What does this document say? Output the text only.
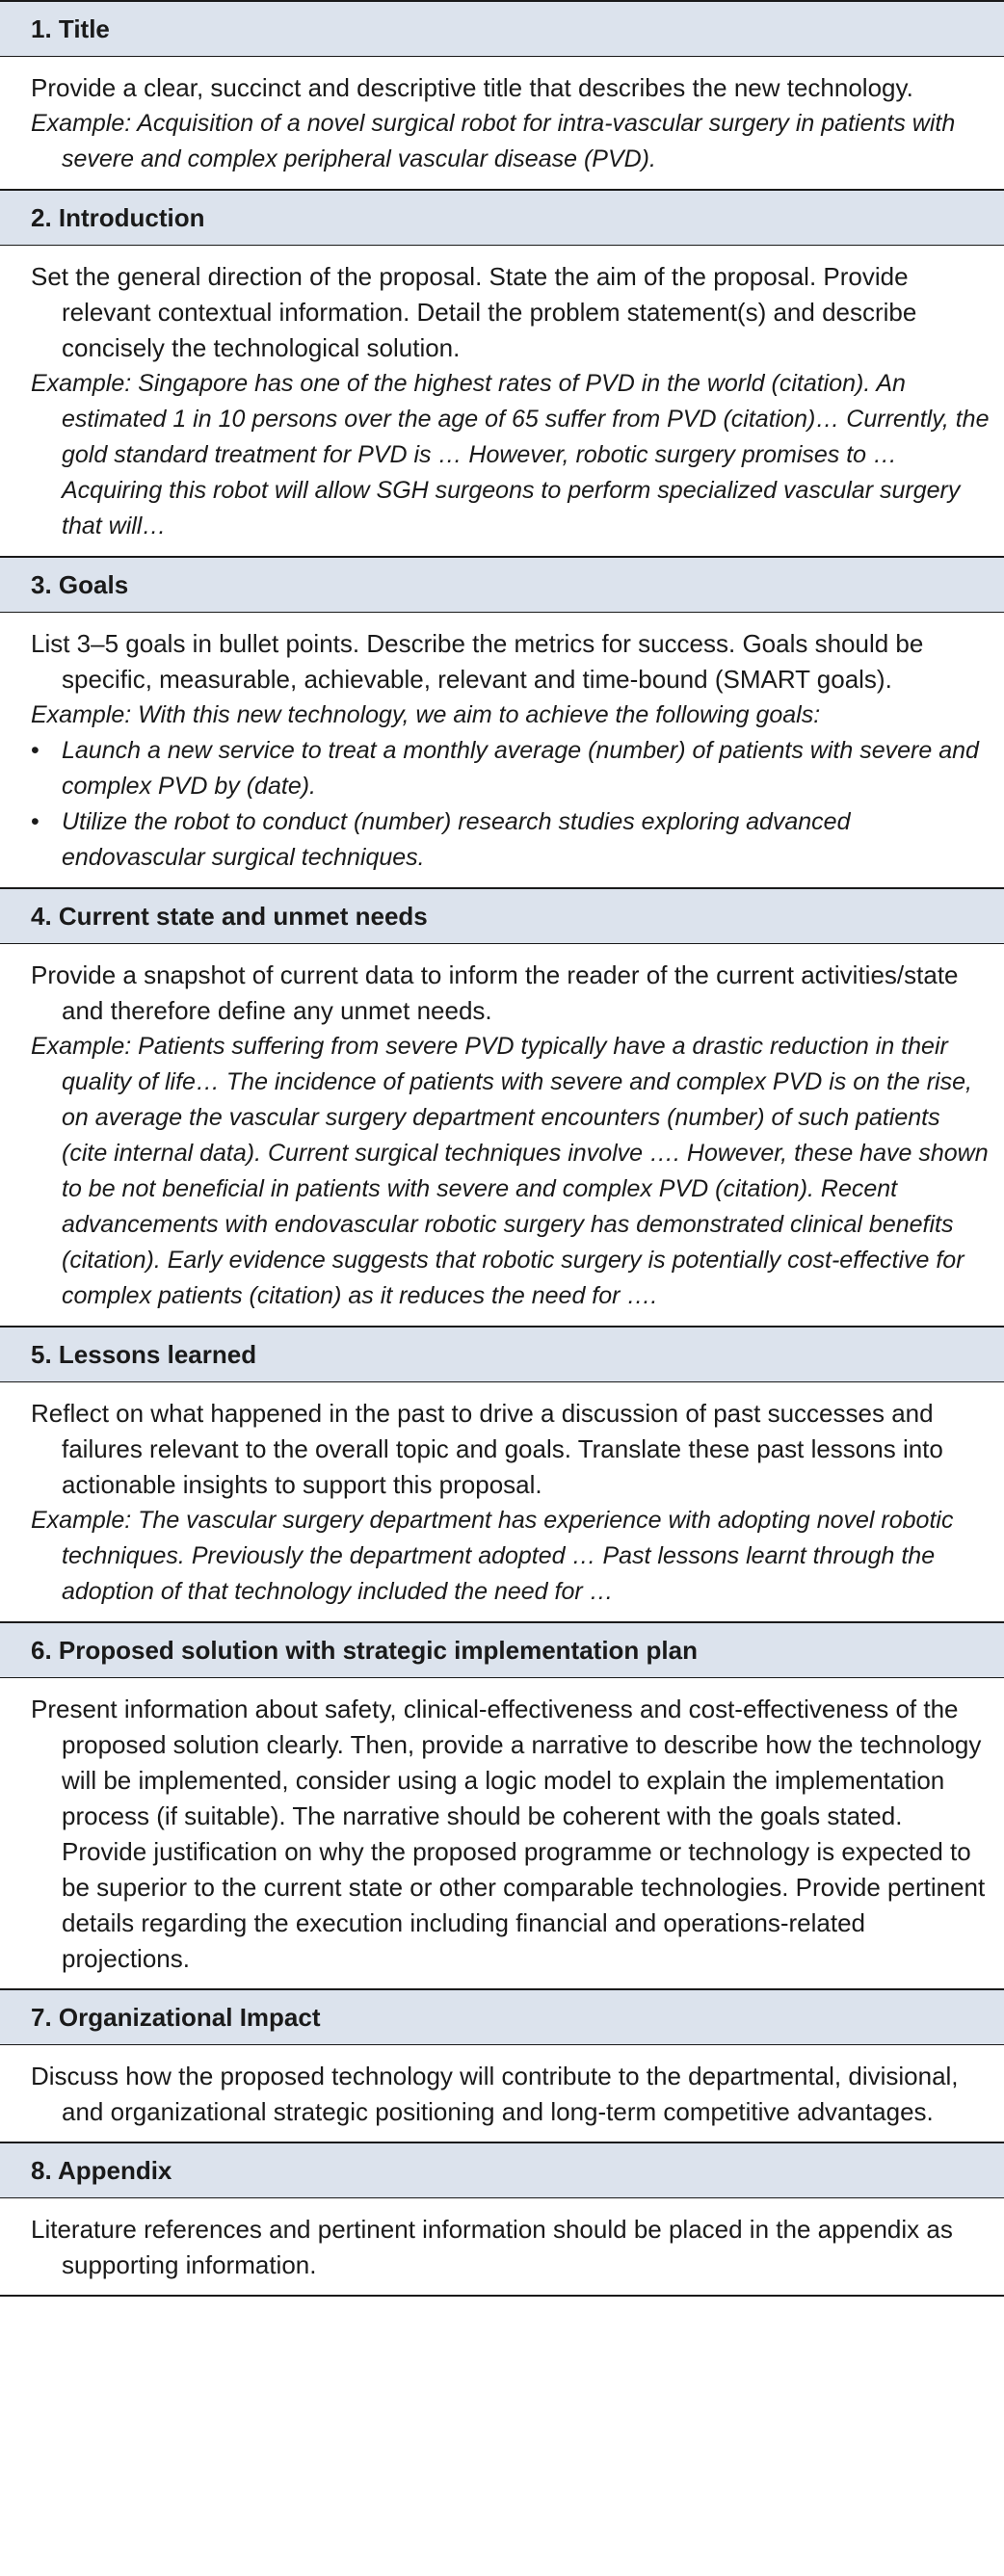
1. Title
Provide a clear, succinct and descriptive title that describes the new technology.
Example: Acquisition of a novel surgical robot for intra-vascular surgery in patients with severe and complex peripheral vascular disease (PVD).
2. Introduction
Set the general direction of the proposal. State the aim of the proposal. Provide relevant contextual information. Detail the problem statement(s) and describe concisely the technological solution.
Example: Singapore has one of the highest rates of PVD in the world (citation). An estimated 1 in 10 persons over the age of 65 suffer from PVD (citation)… Currently, the gold standard treatment for PVD is … However, robotic surgery promises to … Acquiring this robot will allow SGH surgeons to perform specialized vascular surgery that will…
3. Goals
List 3–5 goals in bullet points. Describe the metrics for success. Goals should be specific, measurable, achievable, relevant and time-bound (SMART goals).
Example: With this new technology, we aim to achieve the following goals:
• Launch a new service to treat a monthly average (number) of patients with severe and complex PVD by (date).
• Utilize the robot to conduct (number) research studies exploring advanced endovascular surgical techniques.
4. Current state and unmet needs
Provide a snapshot of current data to inform the reader of the current activities/state and therefore define any unmet needs.
Example: Patients suffering from severe PVD typically have a drastic reduction in their quality of life… The incidence of patients with severe and complex PVD is on the rise, on average the vascular surgery department encounters (number) of such patients (cite internal data). Current surgical techniques involve …. However, these have shown to be not beneficial in patients with severe and complex PVD (citation). Recent advancements with endovascular robotic surgery has demonstrated clinical benefits (citation). Early evidence suggests that robotic surgery is potentially cost-effective for complex patients (citation) as it reduces the need for ….
5. Lessons learned
Reflect on what happened in the past to drive a discussion of past successes and failures relevant to the overall topic and goals. Translate these past lessons into actionable insights to support this proposal.
Example: The vascular surgery department has experience with adopting novel robotic techniques. Previously the department adopted … Past lessons learnt through the adoption of that technology included the need for …
6. Proposed solution with strategic implementation plan
Present information about safety, clinical-effectiveness and cost-effectiveness of the proposed solution clearly. Then, provide a narrative to describe how the technology will be implemented, consider using a logic model to explain the implementation process (if suitable). The narrative should be coherent with the goals stated. Provide justification on why the proposed programme or technology is expected to be superior to the current state or other comparable technologies. Provide pertinent details regarding the execution including financial and operations-related projections.
7. Organizational Impact
Discuss how the proposed technology will contribute to the departmental, divisional, and organizational strategic positioning and long-term competitive advantages.
8. Appendix
Literature references and pertinent information should be placed in the appendix as supporting information.
